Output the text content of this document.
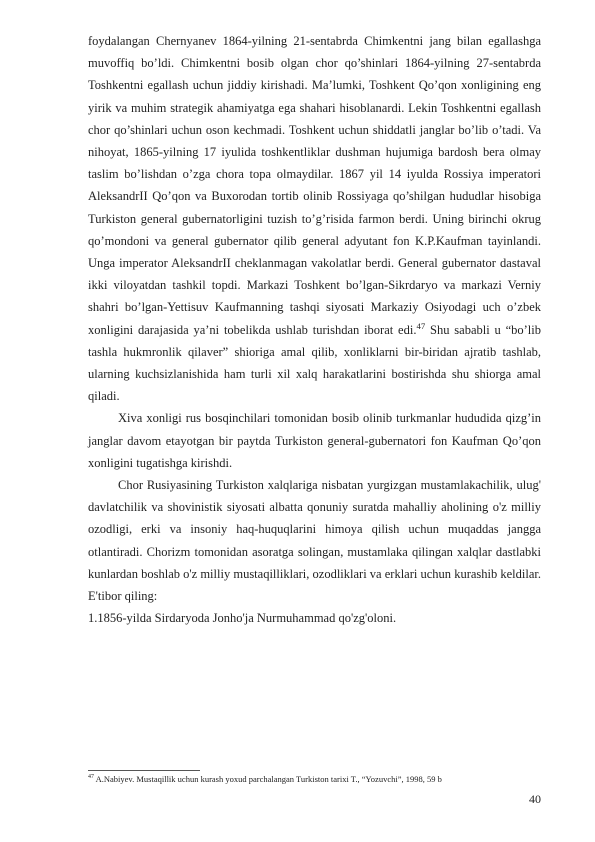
foydalangan Chernyanev 1864-yilning 21-sentabrda Chimkentni jang bilan egallashga muvoffiq bo’ldi. Chimkentni bosib olgan chor qo’shinlari 1864-yilning 27-sentabrda Toshkentni egallash uchun jiddiy kirishadi. Ma’lumki, Toshkent Qo’qon xonligining eng yirik va muhim strategik ahamiyatga ega shahari hisoblanardi. Lekin Toshkentni egallash chor qo’shinlari uchun oson kechmadi. Toshkent uchun shiddatli janglar bo’lib o’tadi. Va nihoyat, 1865-yilning 17 iyulida toshkentliklar dushman hujumiga bardosh bera olmay taslim bo’lishdan o’zga chora topa olmaydilar. 1867 yil 14 iyulda Rossiya imperatori AleksandrII Qo’qon va Buxorodan tortib olinib Rossiyaga qo’shilgan hududlar hisobiga Turkiston general gubernatorligini tuzish to’g’risida farmon berdi. Uning birinchi okrug qo’mondoni va general gubernator qilib general adyutant fon K.P.Kaufman tayinlandi. Unga imperator AleksandrII cheklanmagan vakolatlar berdi. General gubernator dastaval ikki viloyatdan tashkil topdi. Markazi Toshkent bo’lgan-Sikrdaryo va markazi Verniy shahri bo’lgan-Yettisuv Kaufmanning tashqi siyosati Markaziy Osiyodagi uch o’zbek xonligini darajasida ya’ni tobelikda ushlab turishdan iborat edi.$^{47}$ Shu sababli u “bo’lib tashla hukmronlik qilaver” shioriga amal qilib, xonliklarni bir-biridan ajratib tashlab, ularning kuchsizlanishida ham turli xil xalq harakatlarini bostirishda shu shiorga amal qiladi.

Xiva xonligi rus bosqinchilari tomonidan bosib olinib turkmanlar hududida qizg’in janglar davom etayotgan bir paytda Turkiston general-gubernatori fon Kaufman Qo’qon xonligini tugatishga kirishdi.

Chor Rusiyasining Turkiston xalqlariga nisbatan yurgizgan mustamlakachilik, ulug' davlatchilik va shovinistik siyosati albatta qonuniy suratda mahalliy aholining o'z milliy ozodligi, erki va insoniy haq-huquqlarini himoya qilish uchun muqaddas jangga otlantiradi. Chorizm tomonidan asoratga solingan, mustamlaka qilingan xalqlar dastlabki kunlardan boshlab o'z milliy mustaqilliklari, ozodliklari va erklari uchun kurashib keldilar. E'tibor qiling:

1.1856-yilda Sirdaryoda Jonho'ja Nurmuhammad qo'zg'oloni.

$^{47}$ A.Nabiyev. Mustaqillik uchun kurash yoxud parchalangan Turkiston tarixi T., “Yozuvchi”, 1998, 59 b
40
